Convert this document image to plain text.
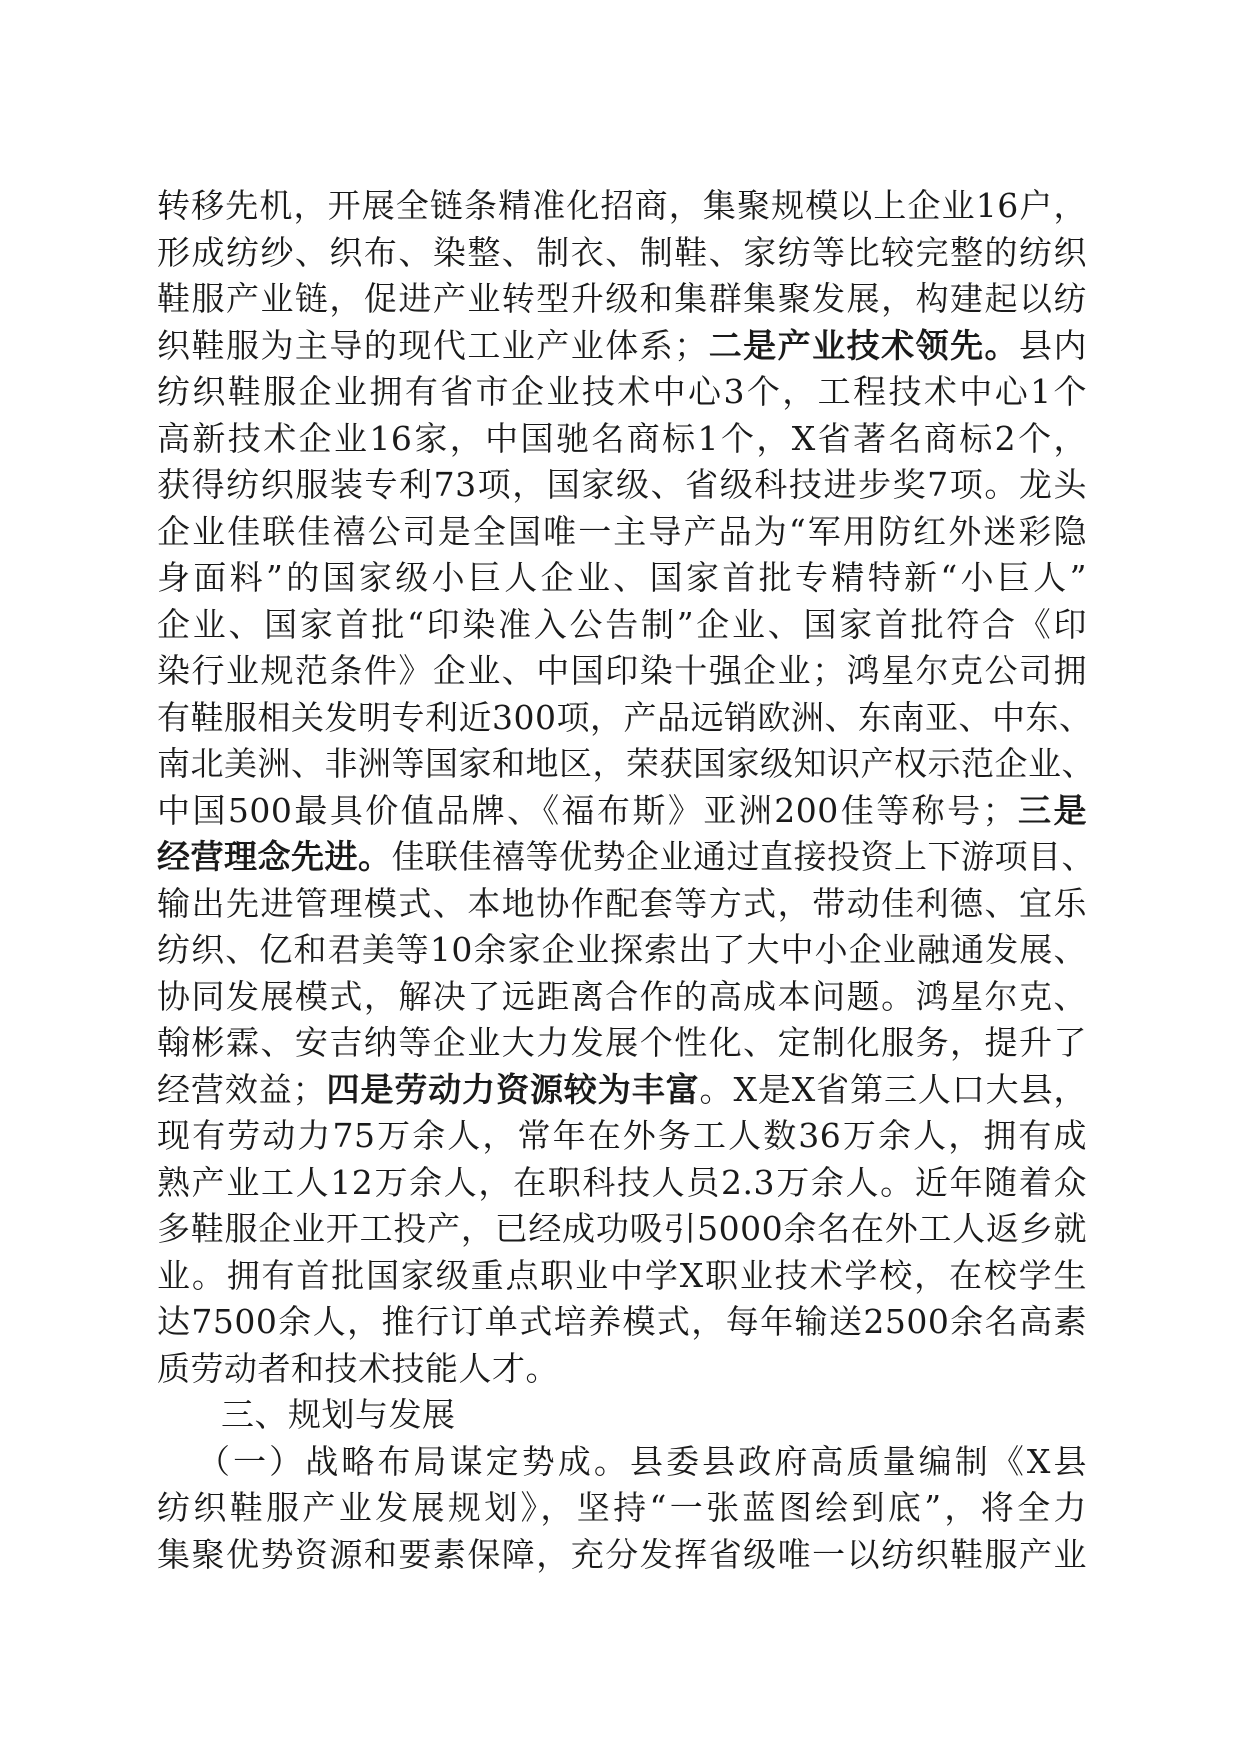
转移先机，开展全链条精准化招商，集聚规模以上企业16户，
形成纺纱、织布、染整、制衣、制鞋、家纺等比较完整的纺织
鞋服产业链，促进产业转型升级和集群集聚发展，构建起以纺
织鞋服为主导的现代工业产业体系；二是产业技术领先。县内
纺织鞋服企业拥有省市企业技术中心3个，工程技术中心1个
高新技术企业16家，中国驰名商标1个，X省著名商标2个，
获得纺织服装专利73项，国家级、省级科技进步奖7项。龙头
企业佳联佳禧公司是全国唯一主导产品为“军用防红外迷彩隐
身面料”的国家级小巨人企业、国家首批专精特新“小巨人”
企业、国家首批“印染准入公告制”企业、国家首批符合《印
染行业规范条件》企业、中国印染十强企业；鸿星尔克公司拥
有鞋服相关发明专利近300项，产品远销欧洲、东南亚、中东、
南北美洲、非洲等国家和地区，荣获国家级知识产权示范企业、
中国500最具价值品牌、《福布斯》亚洲200佳等称号；三是
经营理念先进。佳联佳禧等优势企业通过直接投资上下游项目、
输出先进管理模式、本地协作配套等方式，带动佳利德、宜乐
纺织、亿和君美等10余家企业探索出了大中小企业融通发展、
协同发展模式，解决了远距离合作的高成本问题。鸿星尔克、
翰彬霖、安吉纳等企业大力发展个性化、定制化服务，提升了
经营效益；四是劳动力资源较为丰富。X是X省第三人口大县，
现有劳动力75万余人，常年在外务工人数36万余人，拥有成
熟产业工人12万余人，在职科技人员2.3万余人。近年随着众
多鞋服企业开工投产，已经成功吸引5000余名在外工人返乡就
业。拥有首批国家级重点职业中学X职业技术学校，在校学生
达7500余人，推行订单式培养模式，每年输送2500余名高素
质劳动者和技术技能人才。
三、规划与发展
（一）战略布局谋定势成。县委县政府高质量编制《X县
纺织鞋服产业发展规划》，坚持“一张蓝图绘到底”，将全力
集聚优势资源和要素保障，充分发挥省级唯一以纺织鞋服产业
